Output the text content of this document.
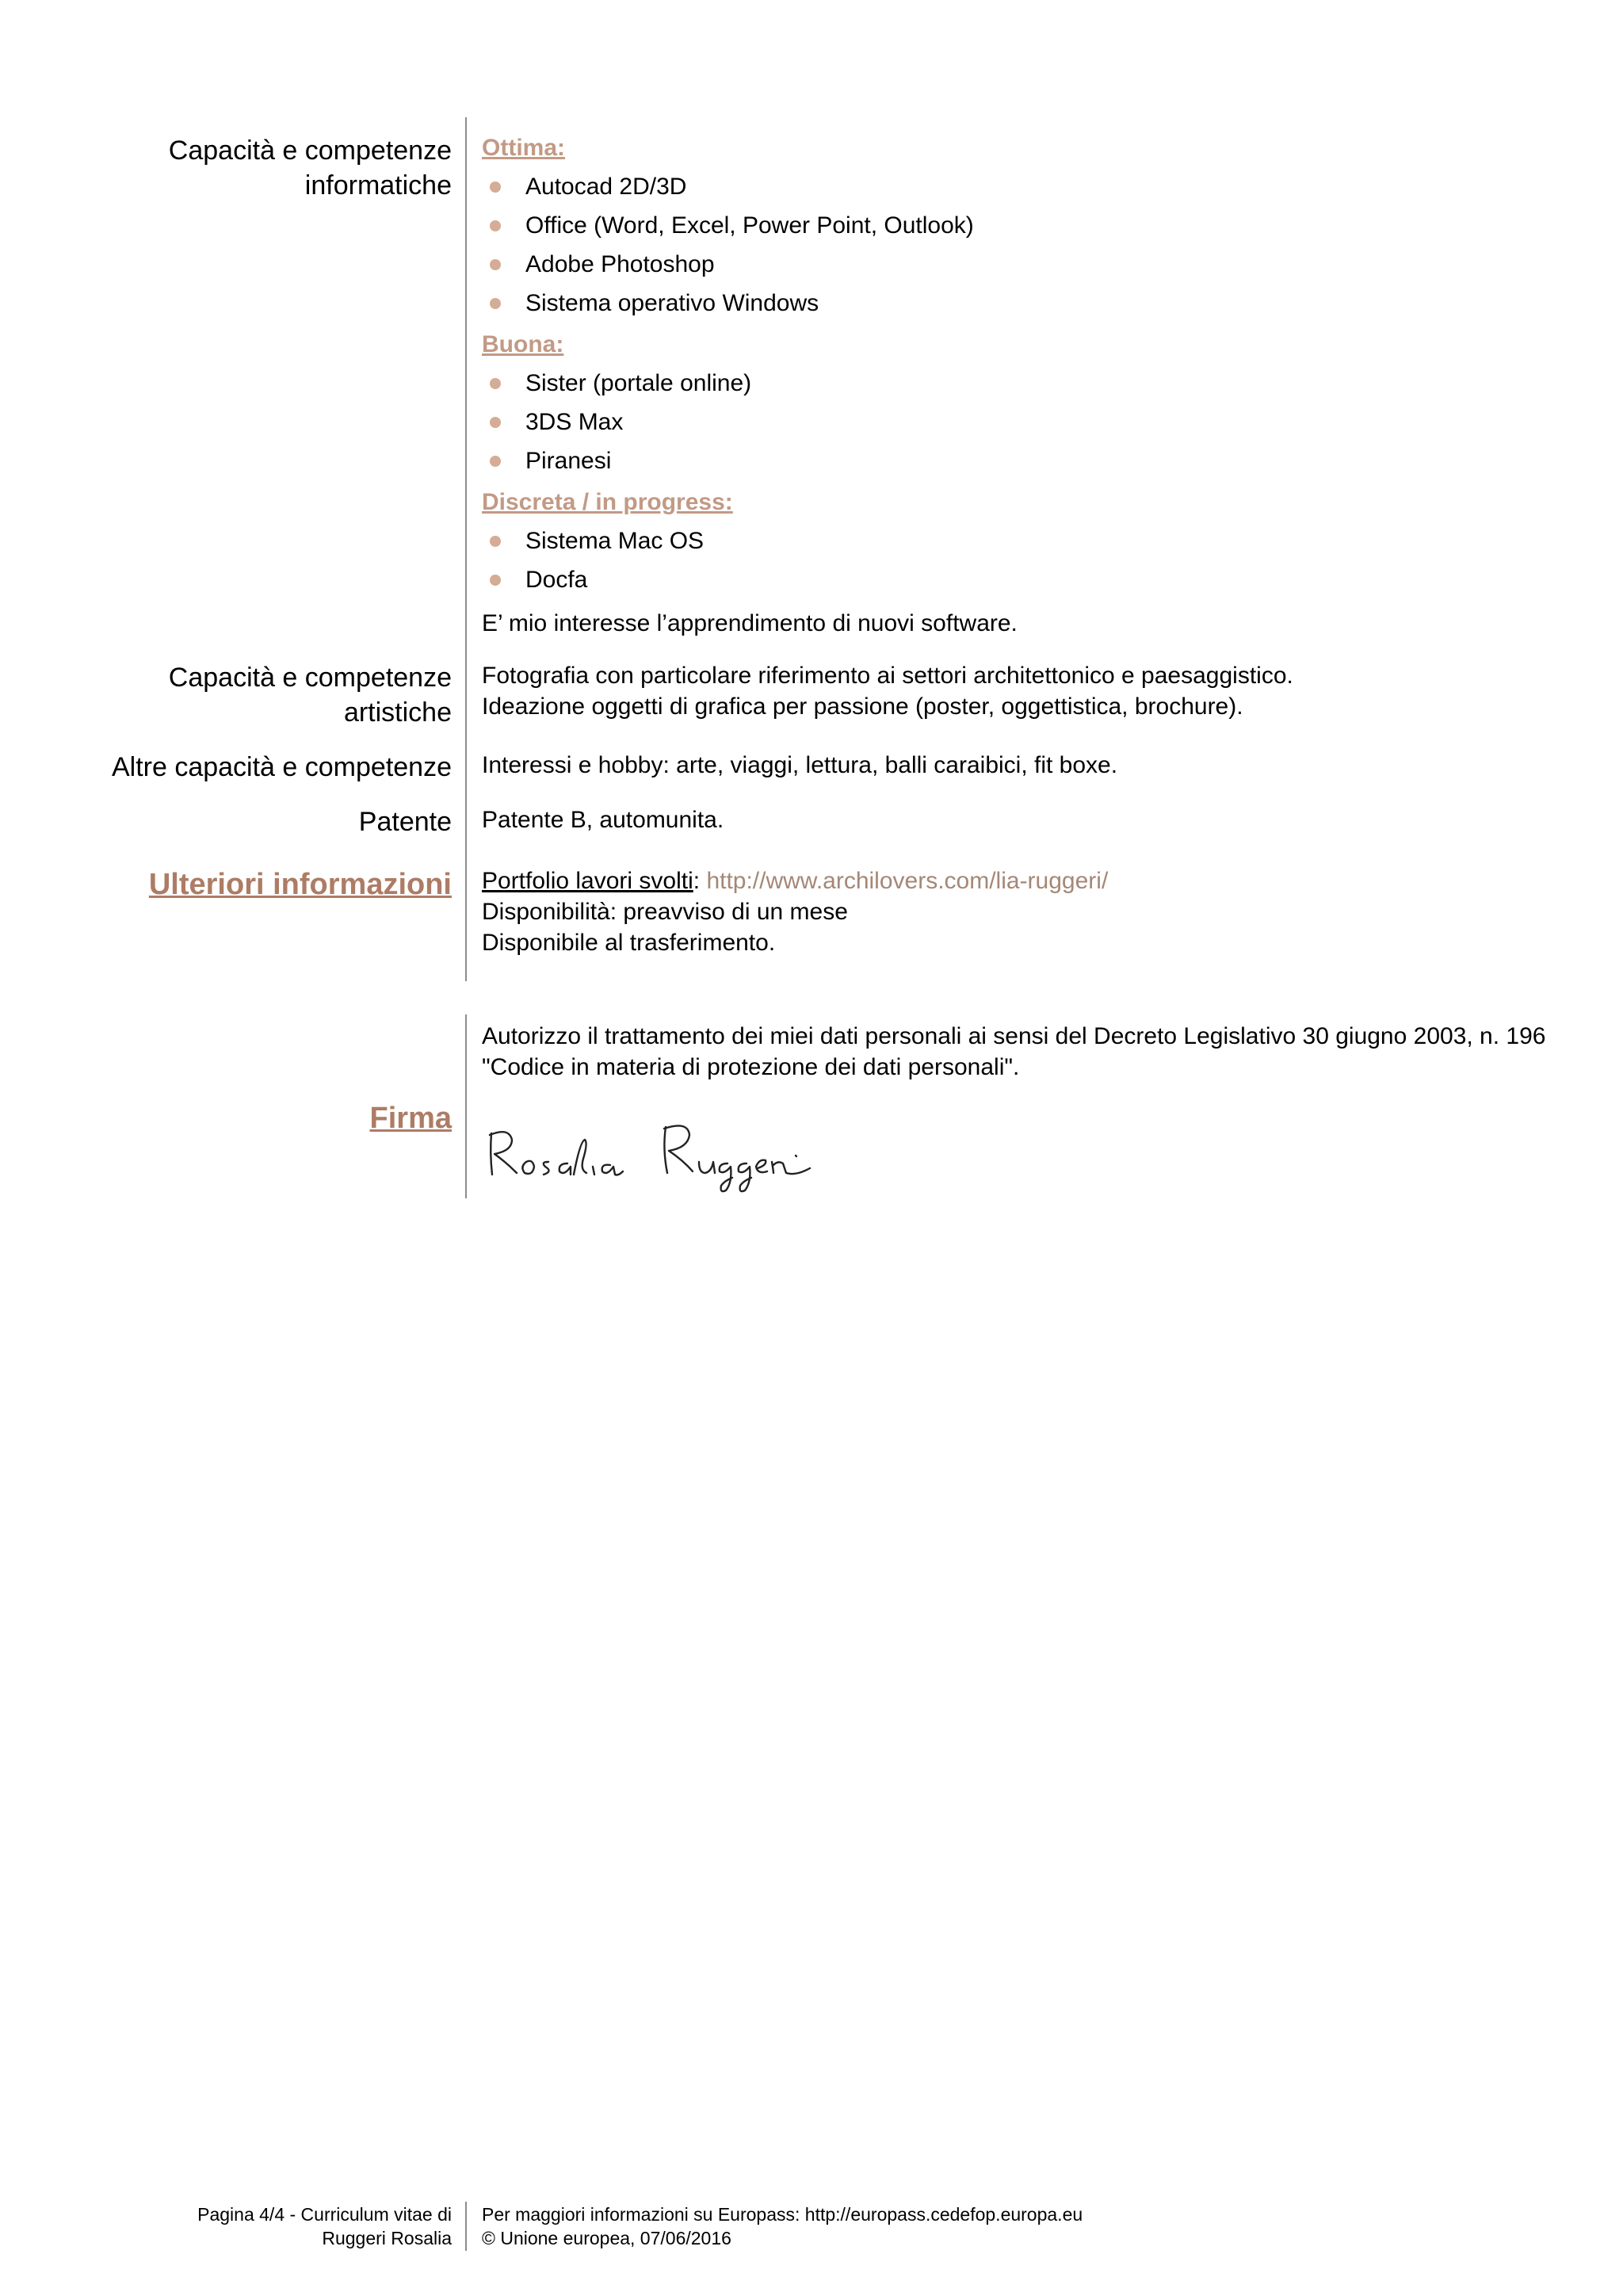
Capacità e competenze
informatiche
Ottima:
Autocad 2D/3D
Office (Word, Excel, Power Point, Outlook)
Adobe Photoshop
Sistema operativo Windows
Buona:
Sister (portale online)
3DS Max
Piranesi
Discreta / in progress:
Sistema Mac OS
Docfa
E’ mio interesse l’apprendimento di nuovi software.
Capacità e competenze
artistiche
Fotografia con particolare riferimento ai settori architettonico e paesaggistico.
Ideazione oggetti di grafica per passione (poster, oggettistica, brochure).
Altre capacità e competenze Interessi e hobby: arte, viaggi, lettura, balli caraibici, fit boxe.
Patente Patente B, automunita.
Ulteriori informazioni Portfolio lavori svolti: http://www.archilovers.com/lia-ruggeri/
Disponibilità: preavviso di un mese
Disponibile al trasferimento.
Autorizzo il trattamento dei miei dati personali ai sensi del Decreto Legislativo 30 giugno 2003, n. 196
"Codice in materia di protezione dei dati personali".
Firma
Pagina 4/4 - Curriculum vitae di
Ruggeri Rosalia
Per maggiori informazioni su Europass: http://europass.cedefop.europa.eu
© Unione europea, 07/06/2016
